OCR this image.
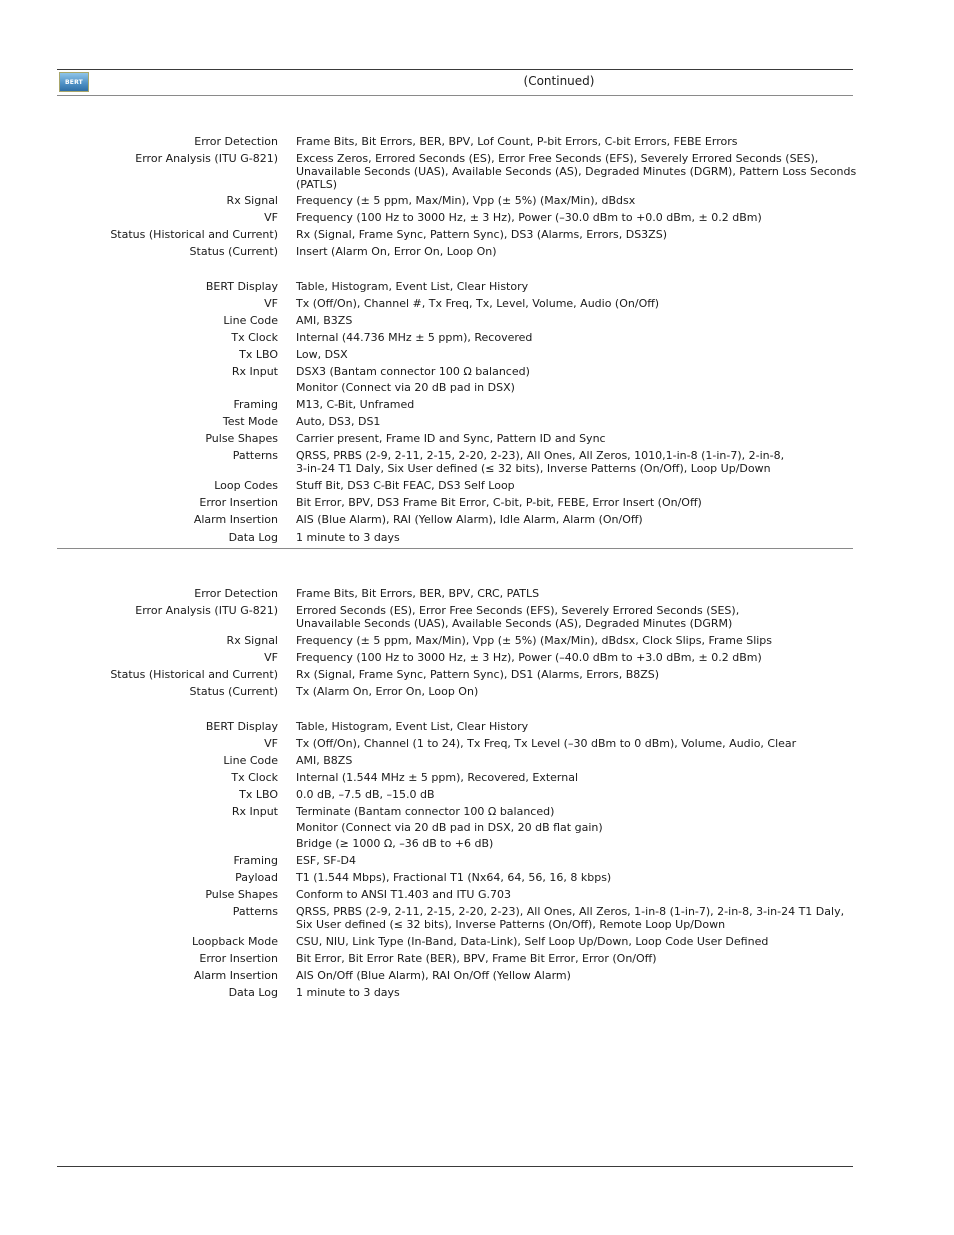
BERT	(Continued)
Error Detection Frame Bits, Bit Errors, BER, BPV, Lof Count, P-bit Errors, C-bit Errors, FEBE Errors
Error Analysis (ITU G-821) Excess Zeros, Errored Seconds (ES), Error Free Seconds (EFS), Severely Errored Seconds (SES),
Unavailable Seconds (UAS), Available Seconds (AS), Degraded Minutes (DGRM), Pattern Loss Seconds
(PATLS)
Rx Signal Frequency (± 5 ppm, Max/Min), Vpp (± 5%) (Max/Min), dBdsx
VF Frequency (100 Hz to 3000 Hz, ± 3 Hz), Power (–30.0 dBm to +0.0 dBm, ± 0.2 dBm)
Status (Historical and Current) Rx (Signal, Frame Sync, Pattern Sync), DS3 (Alarms, Errors, DS3ZS)
Status (Current) Insert (Alarm On, Error On, Loop On)
BERT Display Table, Histogram, Event List, Clear History
VF Tx (Off/On), Channel #, Tx Freq, Tx, Level, Volume, Audio (On/Off)
Line Code AMI, B3ZS
Tx Clock Internal (44.736 MHz ± 5 ppm), Recovered
Tx LBO Low, DSX
Rx Input DSX3 (Bantam connector 100 Ω balanced)
Monitor (Connect via 20 dB pad in DSX)
Framing M13, C-Bit, Unframed
Test Mode Auto, DS3, DS1
Pulse Shapes Carrier present, Frame ID and Sync, Pattern ID and Sync
Patterns QRSS, PRBS (2-9, 2-11, 2-15, 2-20, 2-23), All Ones, All Zeros, 1010,1-in-8 (1-in-7), 2-in-8,
3-in-24 T1 Daly, Six User defined (≤ 32 bits), Inverse Patterns (On/Off), Loop Up/Down
Loop Codes Stuff Bit, DS3 C-Bit FEAC, DS3 Self Loop
Error Insertion Bit Error, BPV, DS3 Frame Bit Error, C-bit, P-bit, FEBE, Error Insert (On/Off)
Alarm Insertion AIS (Blue Alarm), RAI (Yellow Alarm), Idle Alarm, Alarm (On/Off)
Data Log 1 minute to 3 days
Error Detection Frame Bits, Bit Errors, BER, BPV, CRC, PATLS
Error Analysis (ITU G-821) Errored Seconds (ES), Error Free Seconds (EFS), Severely Errored Seconds (SES),
Unavailable Seconds (UAS), Available Seconds (AS), Degraded Minutes (DGRM)
Rx Signal Frequency (± 5 ppm, Max/Min), Vpp (± 5%) (Max/Min), dBdsx, Clock Slips, Frame Slips
VF Frequency (100 Hz to 3000 Hz, ± 3 Hz), Power (–40.0 dBm to +3.0 dBm, ± 0.2 dBm)
Status (Historical and Current) Rx (Signal, Frame Sync, Pattern Sync), DS1 (Alarms, Errors, B8ZS)
Status (Current) Tx (Alarm On, Error On, Loop On)
BERT Display Table, Histogram, Event List, Clear History
VF Tx (Off/On), Channel (1 to 24), Tx Freq, Tx Level (–30 dBm to 0 dBm), Volume, Audio, Clear
Line Code AMI, B8ZS
Tx Clock Internal (1.544 MHz ± 5 ppm), Recovered, External
Tx LBO 0.0 dB, –7.5 dB, –15.0 dB
Rx Input Terminate (Bantam connector 100 Ω balanced)
Monitor (Connect via 20 dB pad in DSX, 20 dB flat gain)
Bridge (≥ 1000 Ω, –36 dB to +6 dB)
Framing ESF, SF-D4
Payload T1 (1.544 Mbps), Fractional T1 (Nx64, 64, 56, 16, 8 kbps)
Pulse Shapes Conform to ANSI T1.403 and ITU G.703
Patterns QRSS, PRBS (2-9, 2-11, 2-15, 2-20, 2-23), All Ones, All Zeros, 1-in-8 (1-in-7), 2-in-8, 3-in-24 T1 Daly,
Six User defined (≤ 32 bits), Inverse Patterns (On/Off), Remote Loop Up/Down
Loopback Mode CSU, NIU, Link Type (In-Band, Data-Link), Self Loop Up/Down, Loop Code User Defined
Error Insertion Bit Error, Bit Error Rate (BER), BPV, Frame Bit Error, Error (On/Off)
Alarm Insertion AIS On/Off (Blue Alarm), RAI On/Off (Yellow Alarm)
Data Log 1 minute to 3 days
